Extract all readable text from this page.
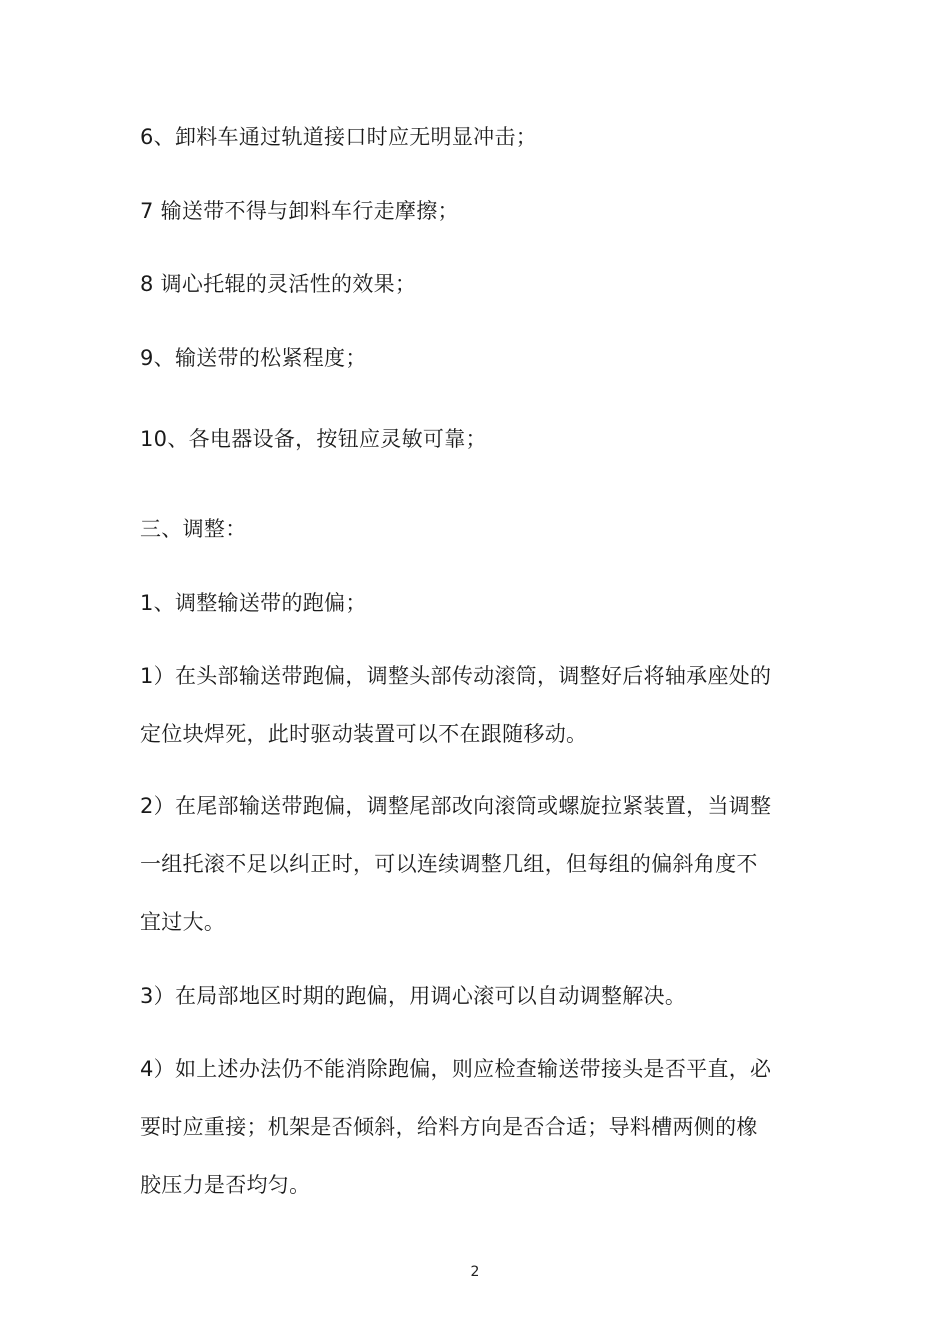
6、卸料车通过轨道接口时应无明显冲击；

7 输送带不得与卸料车行走摩擦；

8 调心托辊的灵活性的效果；

9、输送带的松紧程度；

10、各电器设备，按钮应灵敏可靠；

三、调整：

1、调整输送带的跑偏；

1）在头部输送带跑偏，调整头部传动滚筒，调整好后将轴承座处的
定位块焊死，此时驱动装置可以不在跟随移动。

2）在尾部输送带跑偏，调整尾部改向滚筒或螺旋拉紧装置，当调整
一组托滚不足以纠正时，可以连续调整几组，但每组的偏斜角度不
宜过大。

3）在局部地区时期的跑偏，用调心滚可以自动调整解决。

4）如上述办法仍不能消除跑偏，则应检查输送带接头是否平直，必
要时应重接；机架是否倾斜，给料方向是否合适；导料槽两侧的橡
胶压力是否均匀。

2
